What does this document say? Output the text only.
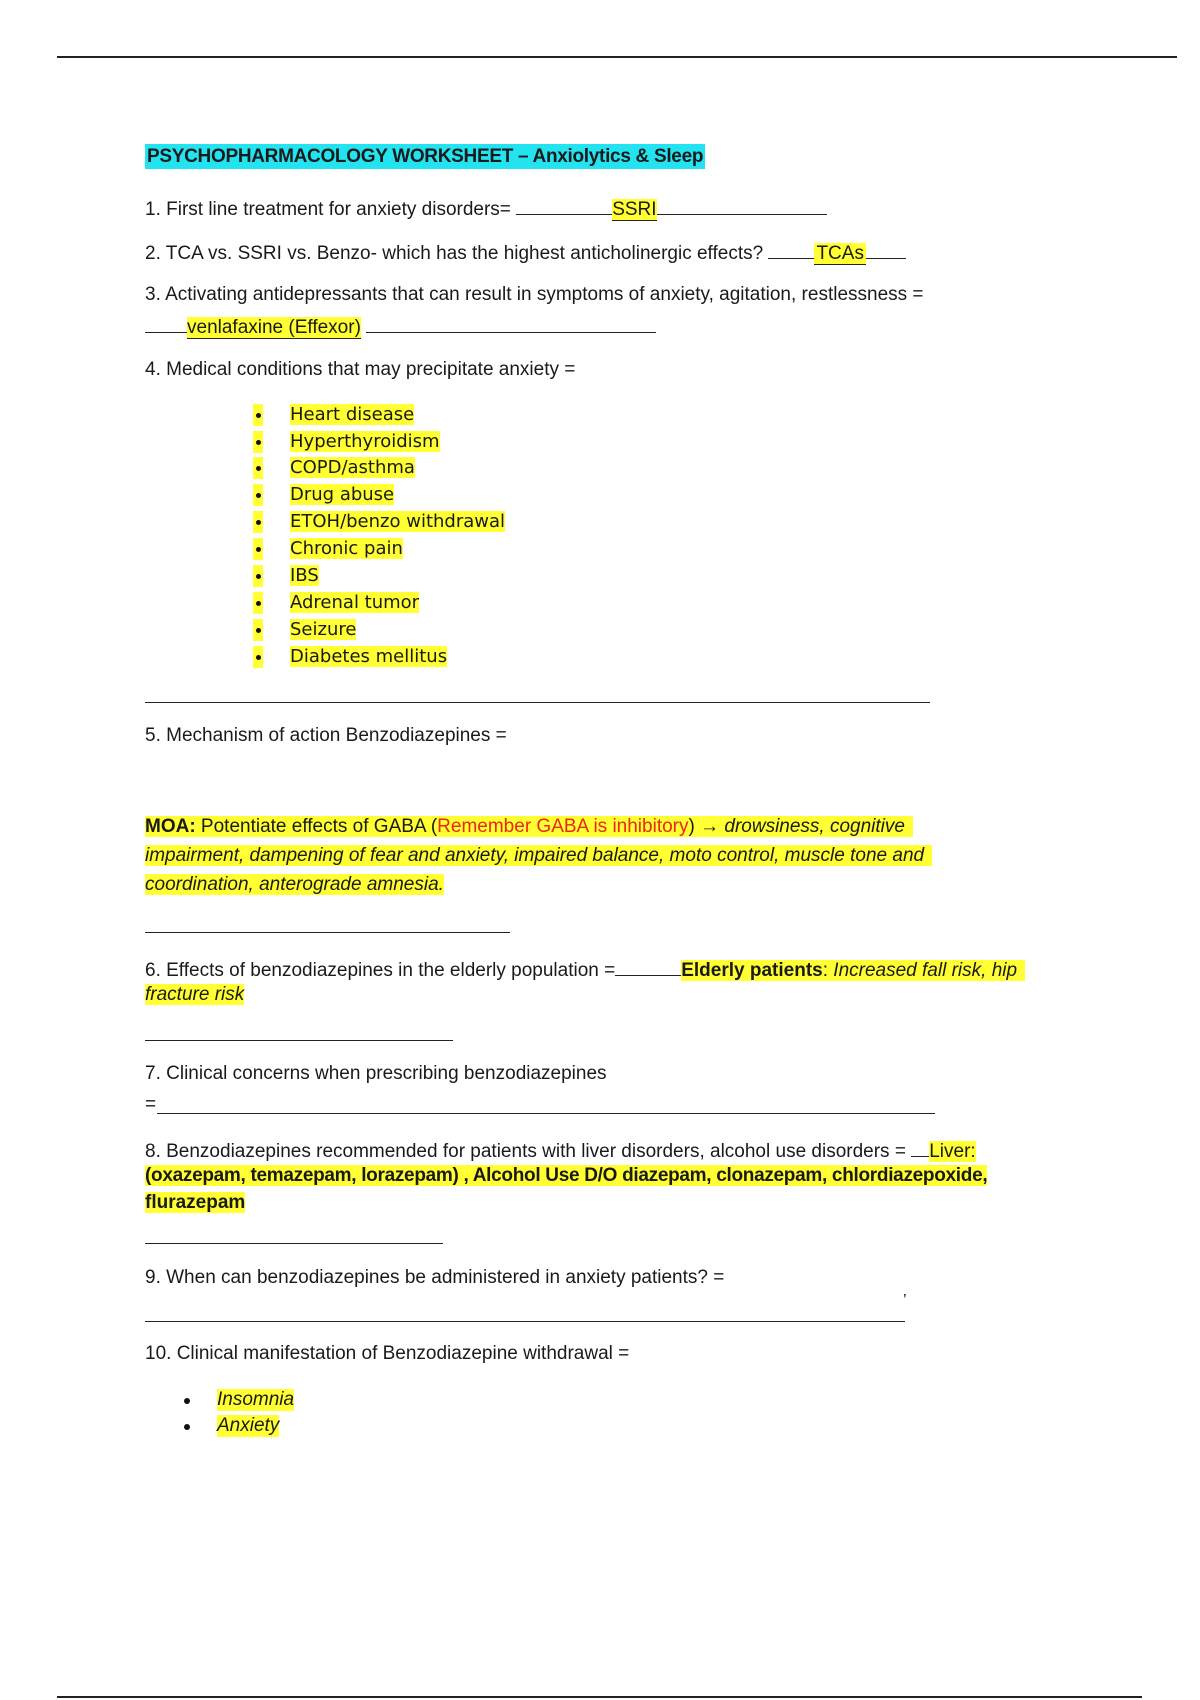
PSYCHOPHARMACOLOGY WORKSHEET – Anxiolytics & Sleep
1. First line treatment for anxiety disorders=	SSRI
2. TCA vs. SSRI vs. Benzo- which has the highest anticholinergic effects?	TCAs
3. Activating antidepressants that can result in symptoms of anxiety, agitation, restlessness =
venlafaxine (Effexor)
4. Medical conditions that may precipitate anxiety =
Heart disease
Hyperthyroidism
COPD/asthma
Drug abuse
ETOH/benzo withdrawal
Chronic pain
IBS
Adrenal tumor
Seizure
Diabetes mellitus
5. Mechanism of action Benzodiazepines =
MOA: Potentiate effects of GABA (Remember GABA is inhibitory) → drowsiness, cognitive
impairment, dampening of fear and anxiety, impaired balance, moto control, muscle tone and
coordination, anterograde amnesia.
6. Effects of benzodiazepines in the elderly population =	Elderly patients: Increased fall risk, hip
fracture risk
7. Clinical concerns when prescribing benzodiazepines
=
8. Benzodiazepines recommended for patients with liver disorders, alcohol use disorders = Liver:
(oxazepam, temazepam, lorazepam) , Alcohol Use D/O diazepam, clonazepam, chlordiazepoxide,
flurazepam
9. When can benzodiazepines be administered in anxiety patients? =
’
10. Clinical manifestation of Benzodiazepine withdrawal =
Insomnia
Anxiety
